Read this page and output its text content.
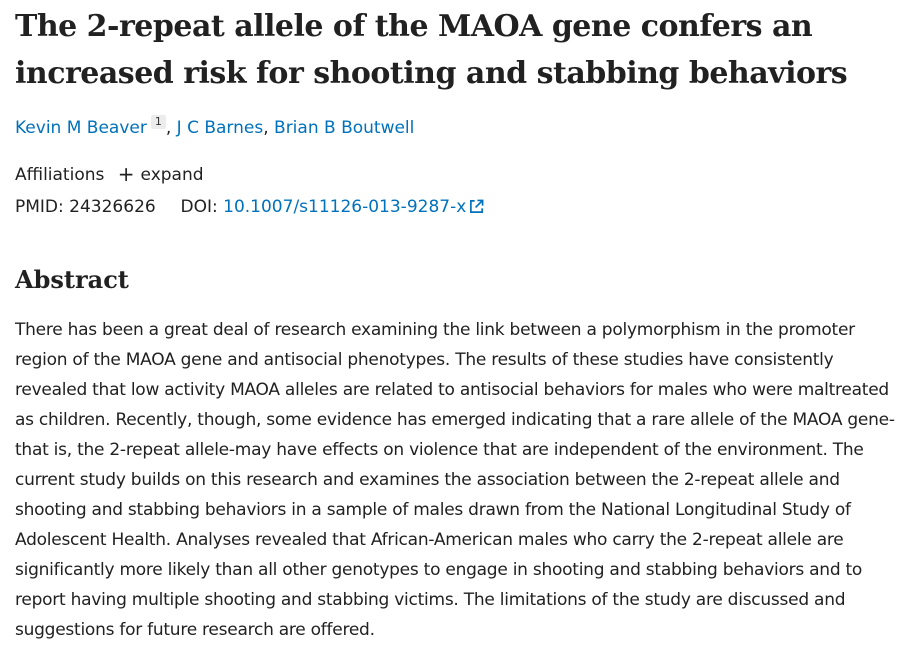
The 2-repeat allele of the MAOA gene confers an increased risk for shooting and stabbing behaviors
Kevin M Beaver 1 , J C Barnes, Brian B Boutwell
Affiliations + expand
PMID: 24326626 DOI: 10.1007/s11126-013-9287-x
Abstract

There has been a great deal of research examining the link between a polymorphism in the promoter region of the MAOA gene and antisocial phenotypes. The results of these studies have consistently revealed that low activity MAOA alleles are related to antisocial behaviors for males who were maltreated as children. Recently, though, some evidence has emerged indicating that a rare allele of the MAOA gene-that is, the 2-repeat allele-may have effects on violence that are independent of the environment. The current study builds on this research and examines the association between the 2-repeat allele and shooting and stabbing behaviors in a sample of males drawn from the National Longitudinal Study of Adolescent Health. Analyses revealed that African-American males who carry the 2-repeat allele are significantly more likely than all other genotypes to engage in shooting and stabbing behaviors and to report having multiple shooting and stabbing victims. The limitations of the study are discussed and suggestions for future research are offered.
